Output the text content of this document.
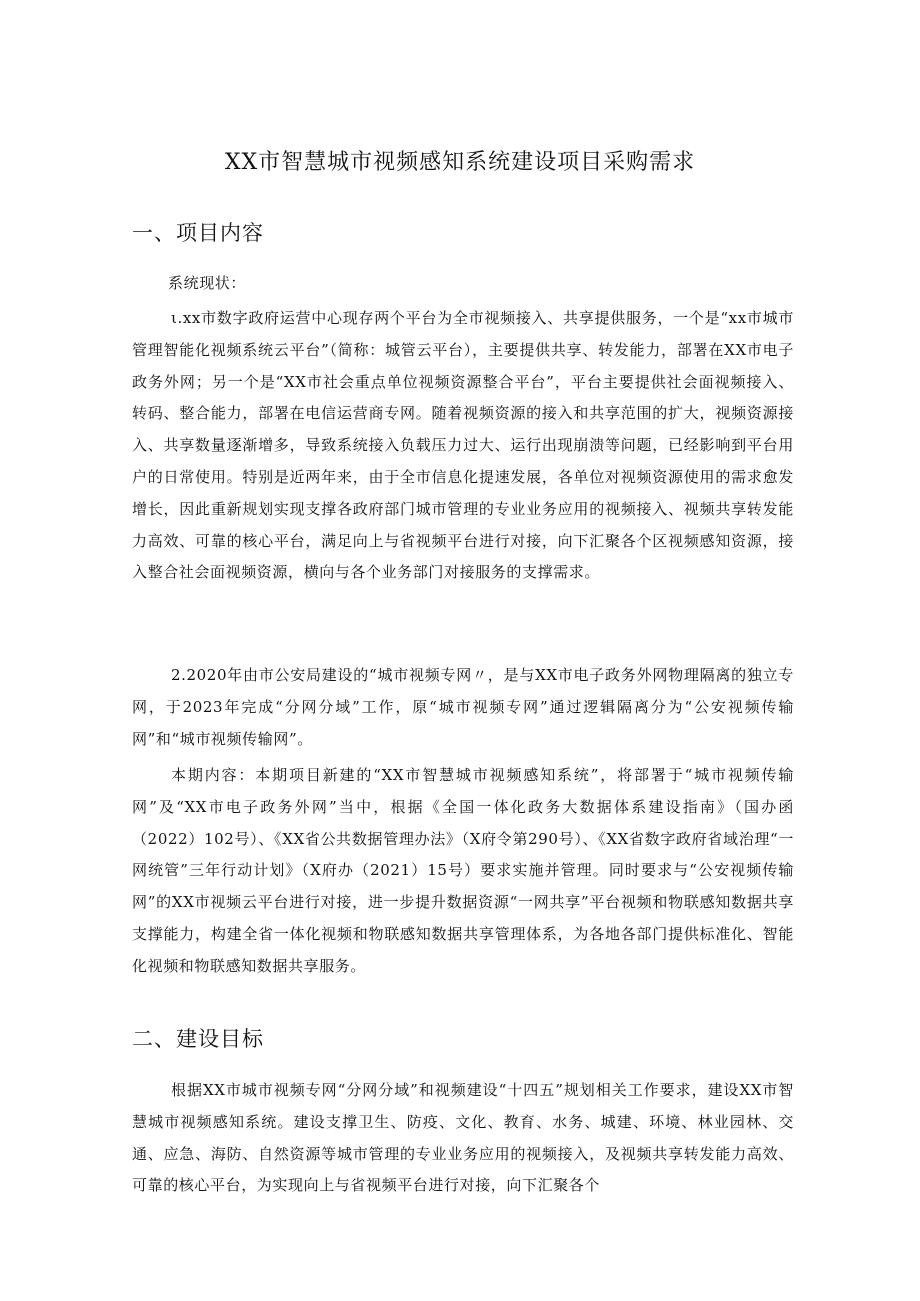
XX市智慧城市视频感知系统建设项目采购需求
一、项目内容

系统现状：

ι.xx市数字政府运营中心现存两个平台为全市视频接入、共享提供服务，一个是“xx市城市管理智能化视频系统云平台”（简称：城管云平台），主要提供共享、转发能力，部署在XX市电子政务外网；另一个是“XX市社会重点单位视频资源整合平台”，平台主要提供社会面视频接入、转码、整合能力，部署在电信运营商专网。随着视频资源的接入和共享范围的扩大，视频资源接入、共享数量逐渐增多，导致系统接入负载压力过大、运行出现崩溃等问题，已经影响到平台用户的日常使用。特别是近两年来，由于全市信息化提速发展，各单位对视频资源使用的需求愈发增长，因此重新规划实现支撑各政府部门城市管理的专业业务应用的视频接入、视频共享转发能力高效、可靠的核心平台，满足向上与省视频平台进行对接，向下汇聚各个区视频感知资源，接入整合社会面视频资源，横向与各个业务部门对接服务的支撑需求。

2.2020年由市公安局建设的“城市视频专网〃，是与XX市电子政务外网物理隔离的独立专网，于2023年完成“分网分域”工作，原“城市视频专网”通过逻辑隔离分为“公安视频传输网”和“城市视频传输网”。

本期内容：本期项目新建的“XX市智慧城市视频感知系统”，将部署于“城市视频传输网”及“XX市电子政务外网”当中，根据《全国一体化政务大数据体系建设指南》（国办函（2022）102号）、《XX省公共数据管理办法》（X府令第290号）、《XX省数字政府省域治理“一网统管”三年行动计划》（X府办（2021）15号）要求实施并管理。同时要求与“公安视频传输网”的XX市视频云平台进行对接，进一步提升数据资源“一网共享”平台视频和物联感知数据共享支撑能力，构建全省一体化视频和物联感知数据共享管理体系，为各地各部门提供标准化、智能化视频和物联感知数据共享服务。

二、建设目标

根据XX市城市视频专网“分网分域”和视频建设“十四五”规划相关工作要求，建设XX市智慧城市视频感知系统。建设支撑卫生、防疫、文化、教育、水务、城建、环境、林业园林、交通、应急、海防、自然资源等城市管理的专业业务应用的视频接入，及视频共享转发能力高效、可靠的核心平台，为实现向上与省视频平台进行对接，向下汇聚各个
